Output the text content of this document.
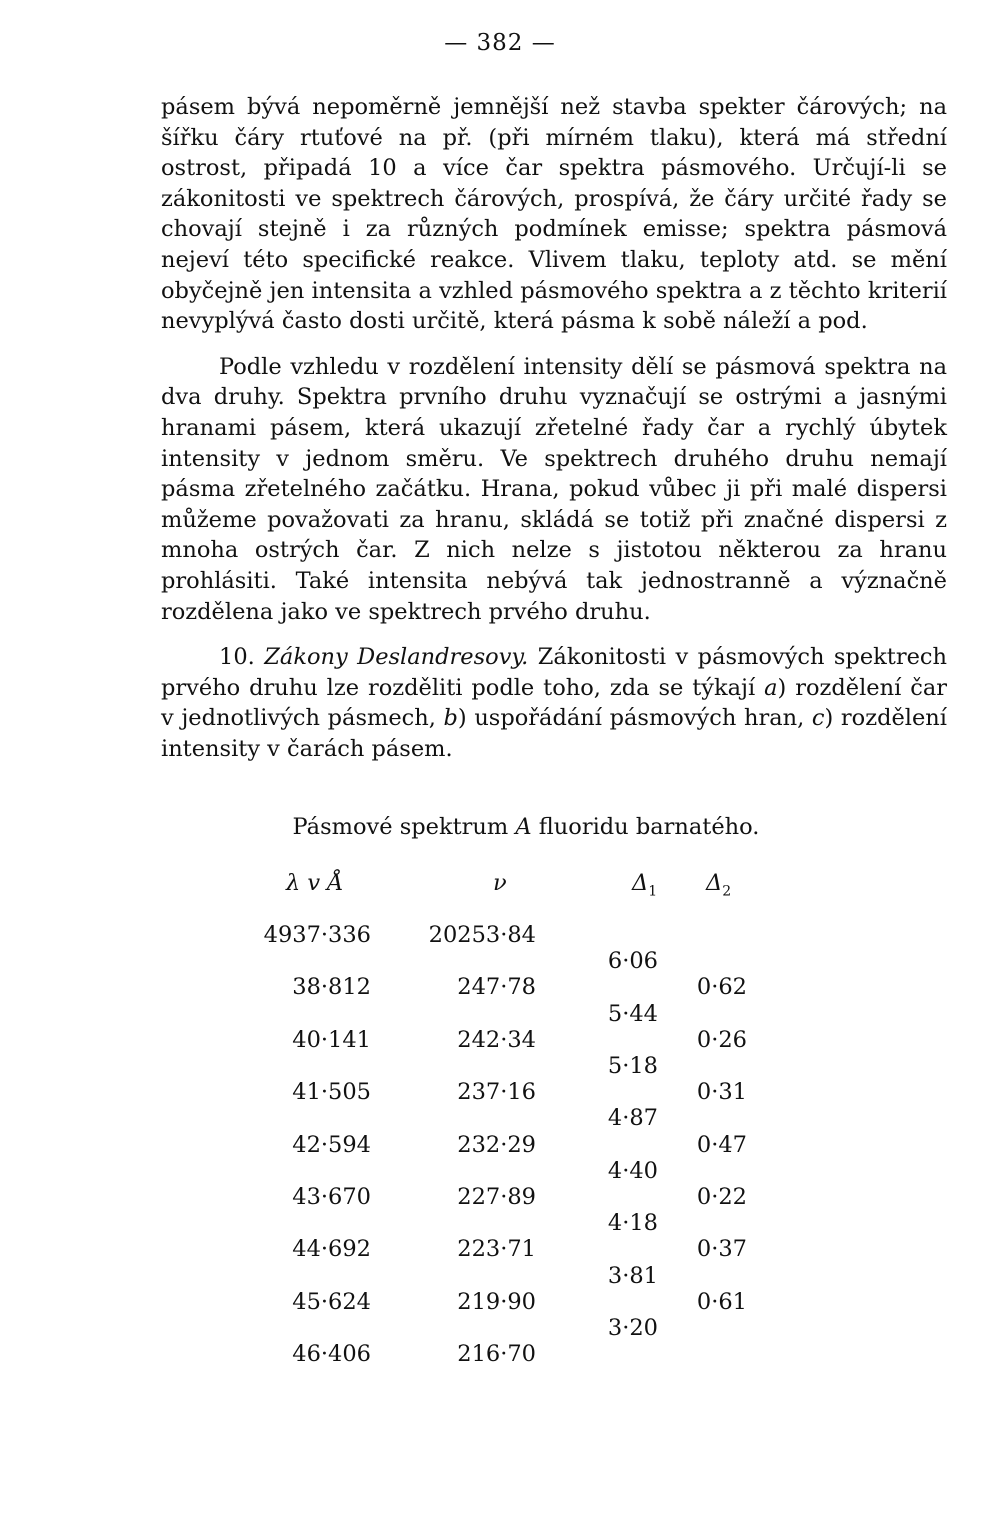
— 382 —

pásem bývá nepoměrně jemnější než stavba spekter čárových; na šířku čáry rtuťové na př. (při mírném tlaku), která má střední ostrost, připadá 10 a více čar spektra pásmového. Určují-li se zákonitosti ve spektrech čárových, prospívá, že čáry určité řady se chovají stejně i za různých podmínek emisse; spektra pásmová nejeví této specifické reakce. Vlivem tlaku, teploty atd. se mění obyčejně jen intensita a vzhled pásmového spektra a z těchto kriterií nevyplývá často dosti určitě, která pásma k sobě náleží a pod.

Podle vzhledu v rozdělení intensity dělí se pásmová spektra na dva druhy. Spektra prvního druhu vyznačují se ostrými a jasnými hranami pásem, která ukazují zřetelné řady čar a rychlý úbytek intensity v jednom směru. Ve spektrech druhého druhu nemají pásma zřetelného začátku. Hrana, pokud vůbec ji při malé dispersi můžeme považovati za hranu, skládá se totiž při značné dispersi z mnoha ostrých čar. Z nich nelze s jistotou některou za hranu prohlásiti. Také intensita nebývá tak jednostranně a význačně rozdělena jako ve spektrech prvého druhu.

10. Zákony Deslandresovy. Zákonitosti v pásmových spektrech prvého druhu lze rozděliti podle toho, zda se týkají a) rozdělení čar v jednotlivých pásmech, b) uspořádání pásmových hran, c) rozdělení intensity v čarách pásem.

Pásmové spektrum A fluoridu barnatého.
λ v Å	ν	$\Delta_1$ $\Delta_2$
4937·336
38·812
40·141
41·505
42·594
43·670
44·692
45·624
46·406
20253·84
247·78
242·34
237·16
232·29
227·89
223·71
219·90
216·70
6·06
5·44
5·18
4·87
4·40
4·18
3·81
3·20
0·62
0·26
0·31
0·47
0·22
0·37
0·61
